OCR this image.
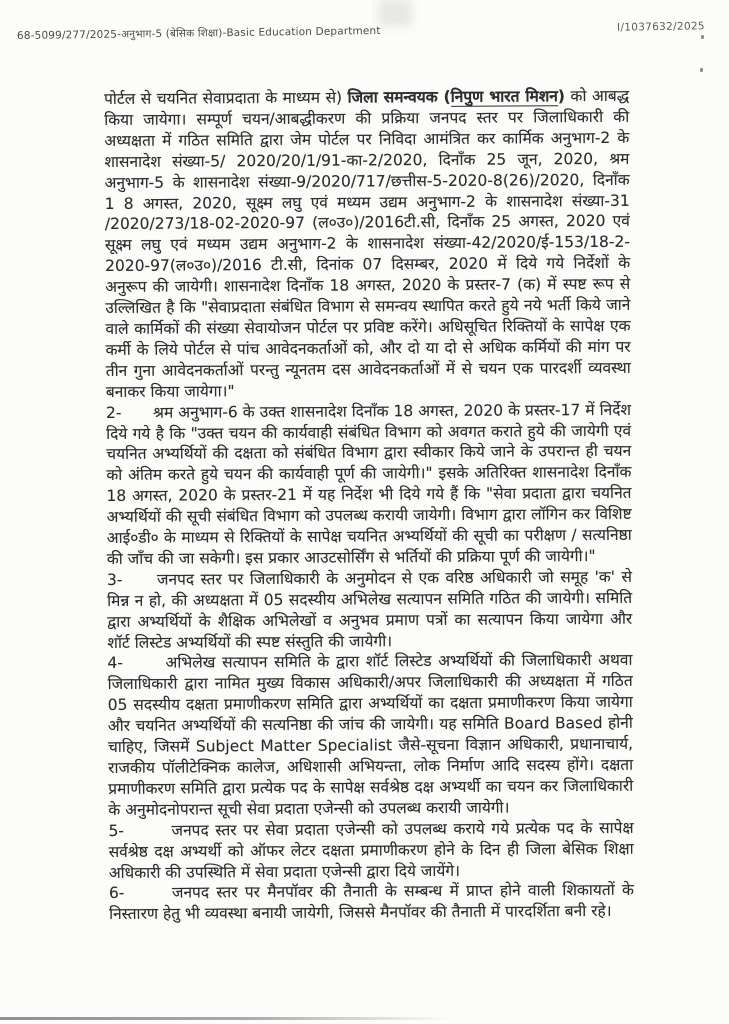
68-5099/277/2025-अनुभाग-5 (बेसिक शिक्षा)-Basic Education Department	I/1037632/2025

पोर्टल से चयनित सेवाप्रदाता के माध्यम से) जिला समन्वयक (निपुण भारत मिशन) को आबद्ध किया जायेगा। सम्पूर्ण चयन/आबद्धीकरण की प्रक्रिया जनपद स्तर पर जिलाधिकारी की अध्यक्षता में गठित समिति द्वारा जेम पोर्टल पर निविदा आमंत्रित कर कार्मिक अनुभाग-2 के शासनादेश संख्या-5/ 2020/20/1/91-का-2/2020, दिनाँक 25 जून, 2020, श्रम अनुभाग-5 के शासनादेश संख्या-9/2020/717/छत्तीस-5-2020-8(26)/2020, दिनाँक 1 8 अगस्त, 2020, सूक्ष्म लघु एवं मध्यम उद्यम अनुभाग-2 के शासनादेश संख्या-31 /2020/273/18-02-2020-97 (ल०उ०)/2016टी.सी, दिनाँक 25 अगस्त, 2020 एवं सूक्ष्म लघु एवं मध्यम उद्यम अनुभाग-2 के शासनादेश संख्या-42/2020/ई-153/18-2-2020-97(ल०उ०)/2016 टी.सी, दिनांक 07 दिसम्बर, 2020 में दिये गये निर्देशों के अनुरूप की जायेगी। शासनादेश दिनाँक 18 अगस्त, 2020 के प्रस्तर-7 (क) में स्पष्ट रूप से उल्लिखित है कि "सेवाप्रदाता संबंधित विभाग से समन्वय स्थापित करते हुये नये भर्ती किये जाने वाले कार्मिकों की संख्या सेवायोजन पोर्टल पर प्रविष्ट करेंगे। अधिसूचित रिक्तियों के सापेक्ष एक कर्मी के लिये पोर्टल से पांच आवेदनकर्ताओं को, और दो या दो से अधिक कर्मियों की मांग पर तीन गुना आवेदनकर्ताओं परन्तु न्यूनतम दस आवेदनकर्ताओं में से चयन एक पारदर्शी व्यवस्था बनाकर किया जायेगा।"

2- श्रम अनुभाग-6 के उक्त शासनादेश दिनाँक 18 अगस्त, 2020 के प्रस्तर-17 में निर्देश दिये गये है कि "उक्त चयन की कार्यवाही संबंधित विभाग को अवगत कराते हुये की जायेगी एवं चयनित अभ्यर्थियों की दक्षता को संबंधित विभाग द्वारा स्वीकार किये जाने के उपरान्त ही चयन को अंतिम करते हुये चयन की कार्यवाही पूर्ण की जायेगी।" इसके अतिरिक्त शासनादेश दिनाँक 18 अगस्त, 2020 के प्रस्तर-21 में यह निर्देश भी दिये गये हैं कि "सेवा प्रदाता द्वारा चयनित अभ्यर्थियों की सूची संबंधित विभाग को उपलब्ध करायी जायेगी। विभाग द्वारा लॉगिन कर विशिष्ट आई०डी० के माध्यम से रिक्तियों के सापेक्ष चयनित अभ्यर्थियों की सूची का परीक्षण / सत्यनिष्ठा की जाँच की जा सकेगी। इस प्रकार आउटसोर्सिंग से भर्तियों की प्रक्रिया पूर्ण की जायेगी।"

3- जनपद स्तर पर जिलाधिकारी के अनुमोदन से एक वरिष्ठ अधिकारी जो समूह 'क' से मिन्न न हो, की अध्यक्षता में 05 सदस्यीय अभिलेख सत्यापन समिति गठित की जायेगी। समिति द्वारा अभ्यर्थियों के शैक्षिक अभिलेखों व अनुभव प्रमाण पत्रों का सत्यापन किया जायेगा और शॉर्ट लिस्टेड अभ्यर्थियों की स्पष्ट संस्तुति की जायेगी।

4-	अभिलेख सत्यापन समिति के द्वारा शॉर्ट लिस्टेड अभ्यर्थियों की जिलाधिकारी अथवा जिलाधिकारी द्वारा नामित मुख्य विकास अधिकारी/अपर जिलाधिकारी की अध्यक्षता में गठित 05 सदस्यीय दक्षता प्रमाणीकरण समिति द्वारा अभ्यर्थियों का दक्षता प्रमाणीकरण किया जायेगा और चयनित अभ्यर्थियों की सत्यनिष्ठा की जांच की जायेगी। यह समिति Board Based होनी चाहिए, जिसमें Subject Matter Specialist जैसे-सूचना विज्ञान अधिकारी, प्रधानाचार्य, राजकीय पॉलीटेक्निक कालेज, अधिशासी अभियन्ता, लोक निर्माण आदि सदस्य होंगे। दक्षता प्रमाणीकरण समिति द्वारा प्रत्येक पद के सापेक्ष सर्वश्रेष्ठ दक्ष अभ्यर्थी का चयन कर जिलाधिकारी के अनुमोदनोपरान्त सूची सेवा प्रदाता एजेन्सी को उपलब्ध करायी जायेगी।

5-	जनपद स्तर पर सेवा प्रदाता एजेन्सी को उपलब्ध कराये गये प्रत्येक पद के सापेक्ष सर्वश्रेष्ठ दक्ष अभ्यर्थी को ऑफर लेटर दक्षता प्रमाणीकरण होने के दिन ही जिला बेसिक शिक्षा अधिकारी की उपस्थिति में सेवा प्रदाता एजेन्सी द्वारा दिये जायेंगे।

6-	जनपद स्तर पर मैनपॉवर की तैनाती के सम्बन्ध में प्राप्त होने वाली शिकायतों के निस्तारण हेतु भी व्यवस्था बनायी जायेगी, जिससे मैनपॉवर की तैनाती में पारदर्शिता बनी रहे।
